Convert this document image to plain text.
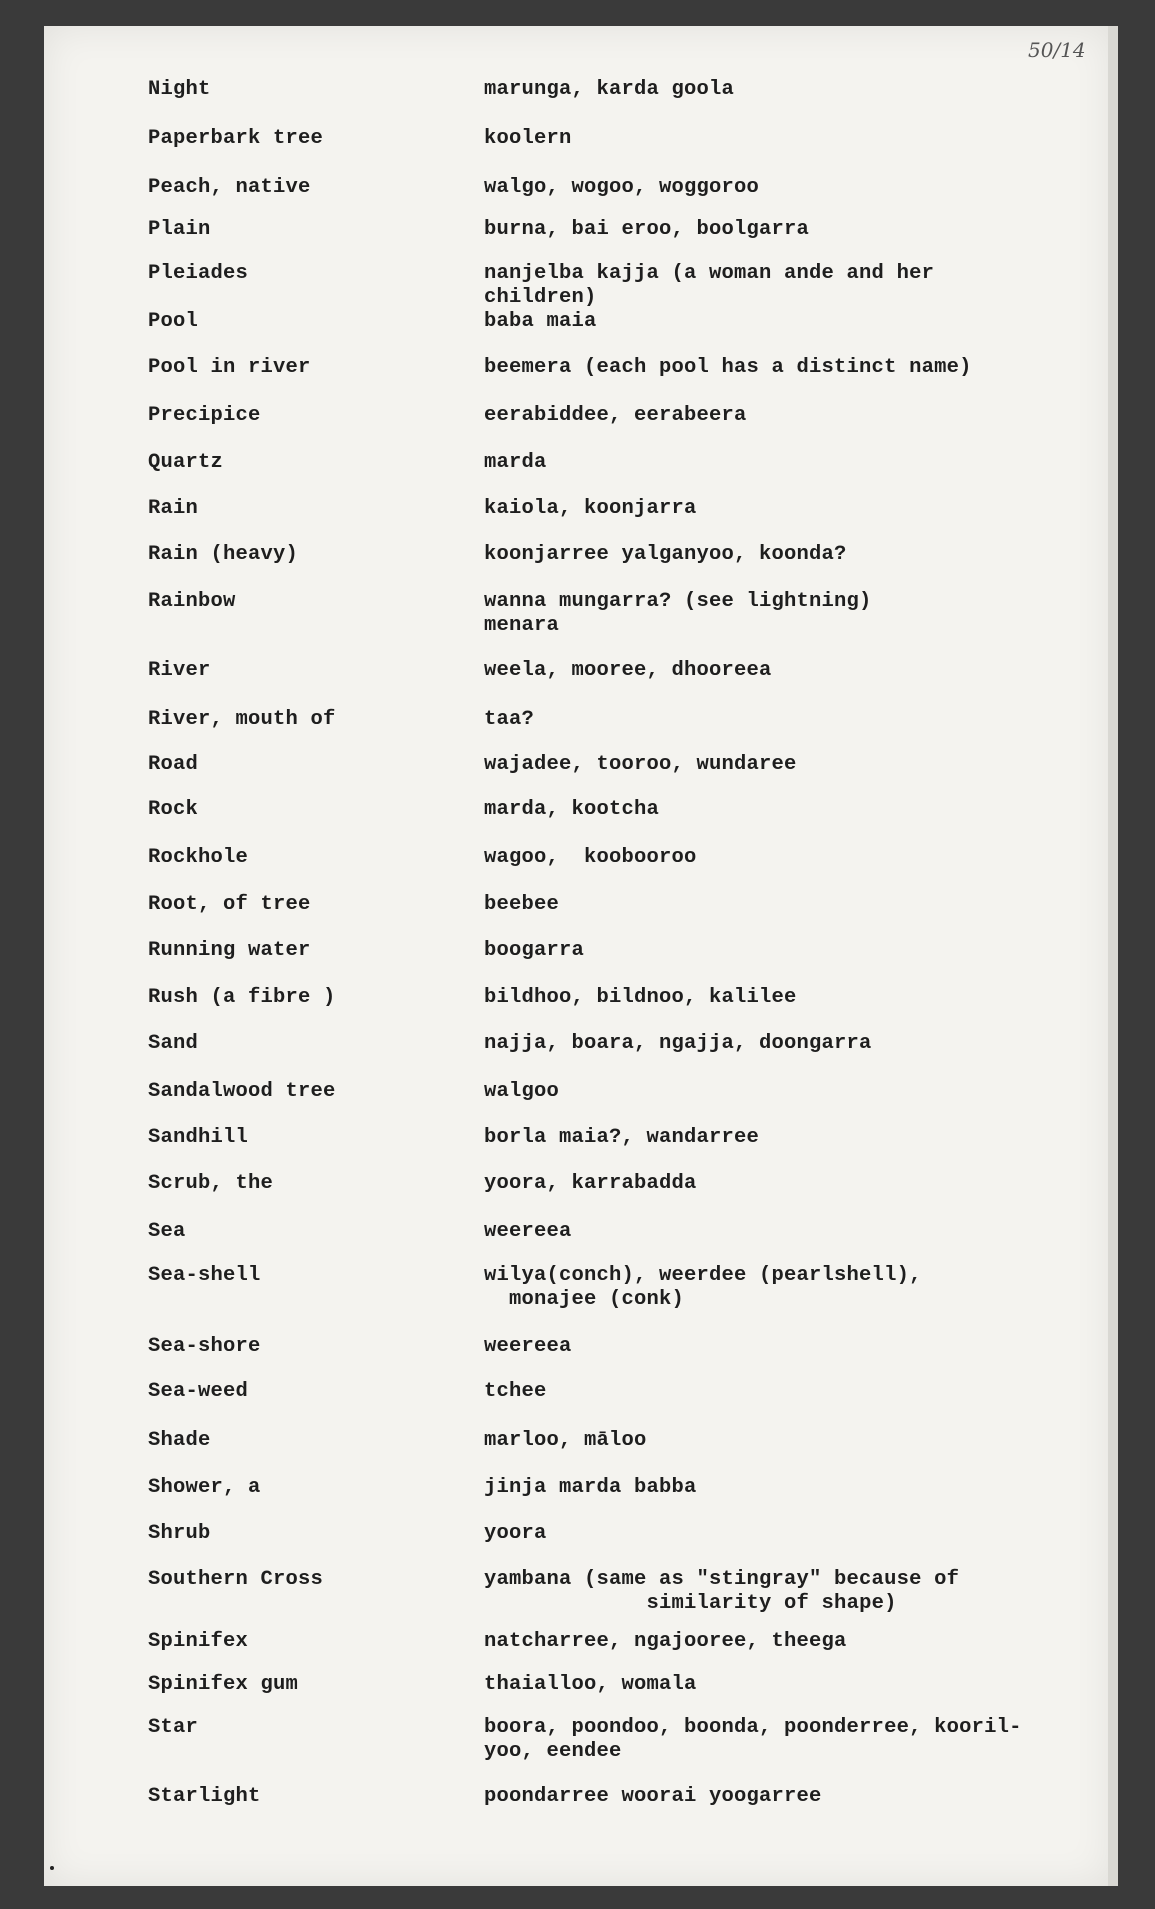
50/14
Night	marunga, karda goola
Paperbark tree	koolern
Peach, native	walgo, wogoo, woggoroo
Plain	burna, bai eroo, boolgarra
Pleiades	nanjelba kajja (a woman ande and her children)
Pool	baba maia
Pool in river	beemera (each pool has a distinct name)
Precipice	eerabiddee, eerabeera
Quartz	marda
Rain	kaiola, koonjarra
Rain (heavy)	koonjarree yalganyoo, koonda?
Rainbow	wanna mungarra? (see lightning)
menara
River	weela, mooree, dhooreea
River, mouth of	taa?
Road	wajadee, tooroo, wundaree
Rock	marda, kootcha
Rockhole	wagoo,  koobooroo
Root, of tree	beebee
Running water	boogarra
Rush (a fibre )	bildhoo, bildnoo, kalilee
Sand	najja, boara, ngajja, doongarra
Sandalwood tree	walgoo
Sandhill	borla maia?, wandarree
Scrub, the	yoora, karrabadda
Sea	weereea
Sea-shell	wilya(conch), weerdee (pearlshell),
monajee (conk)
Sea-shore	weereea
Sea-weed	tchee
Shade	marloo, māloo
Shower, a	jinja marda babba
Shrub	yoora
Southern Cross	yambana (same as "stingray" because of
similarity of shape)
Spinifex	natcharree, ngajooree, theega
Spinifex gum	thaialloo, womala
Star	boora, poondoo, boonda, poonderree, kooril-
yoo, eendee
Starlight	poondarree woorai yoogarree
